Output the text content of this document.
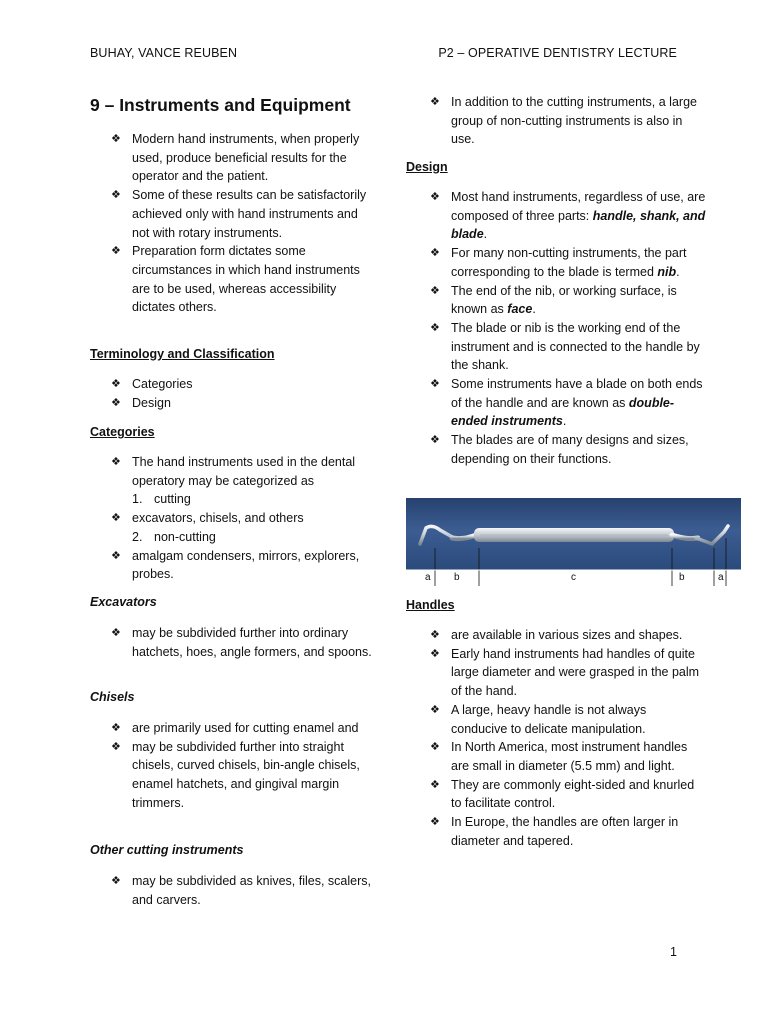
BUHAY, VANCE REUBEN	P2 – OPERATIVE DENTISTRY LECTURE
9 – Instruments and Equipment
❖ Modern hand instruments, when properly used, produce beneficial results for the operator and the patient.
❖ Some of these results can be satisfactorily achieved only with hand instruments and not with rotary instruments.
❖ Preparation form dictates some circumstances in which hand instruments are to be used, whereas accessibility dictates others.
Terminology and Classification
❖ Categories
❖ Design
Categories
❖ The hand instruments used in the dental operatory may be categorized as
1. cutting
❖ excavators, chisels, and others
2. non-cutting
❖ amalgam condensers, mirrors, explorers, probes.
Excavators
❖ may be subdivided further into ordinary hatchets, hoes, angle formers, and spoons.
Chisels
❖ are primarily used for cutting enamel and
❖ may be subdivided further into straight chisels, curved chisels, bin-angle chisels, enamel hatchets, and gingival margin trimmers.
Other cutting instruments
❖ may be subdivided as knives, files, scalers, and carvers.
❖ In addition to the cutting instruments, a large group of non-cutting instruments is also in use.
Design
❖ Most hand instruments, regardless of use, are composed of three parts: handle, shank, and blade.
❖ For many non-cutting instruments, the part corresponding to the blade is termed nib.
❖ The end of the nib, or working surface, is known as face.
❖ The blade or nib is the working end of the instrument and is connected to the handle by the shank.
❖ Some instruments have a blade on both ends of the handle and are known as double-ended instruments.
❖ The blades are of many designs and sizes, depending on their functions.
Handles
❖ are available in various sizes and shapes.
❖ Early hand instruments had handles of quite large diameter and were grasped in the palm of the hand.
❖ A large, heavy handle is not always conducive to delicate manipulation.
❖ In North America, most instrument handles are small in diameter (5.5 mm) and light.
❖ They are commonly eight-sided and knurled to facilitate control.
❖ In Europe, the handles are often larger in diameter and tapered.
a b	c	b	a
1
